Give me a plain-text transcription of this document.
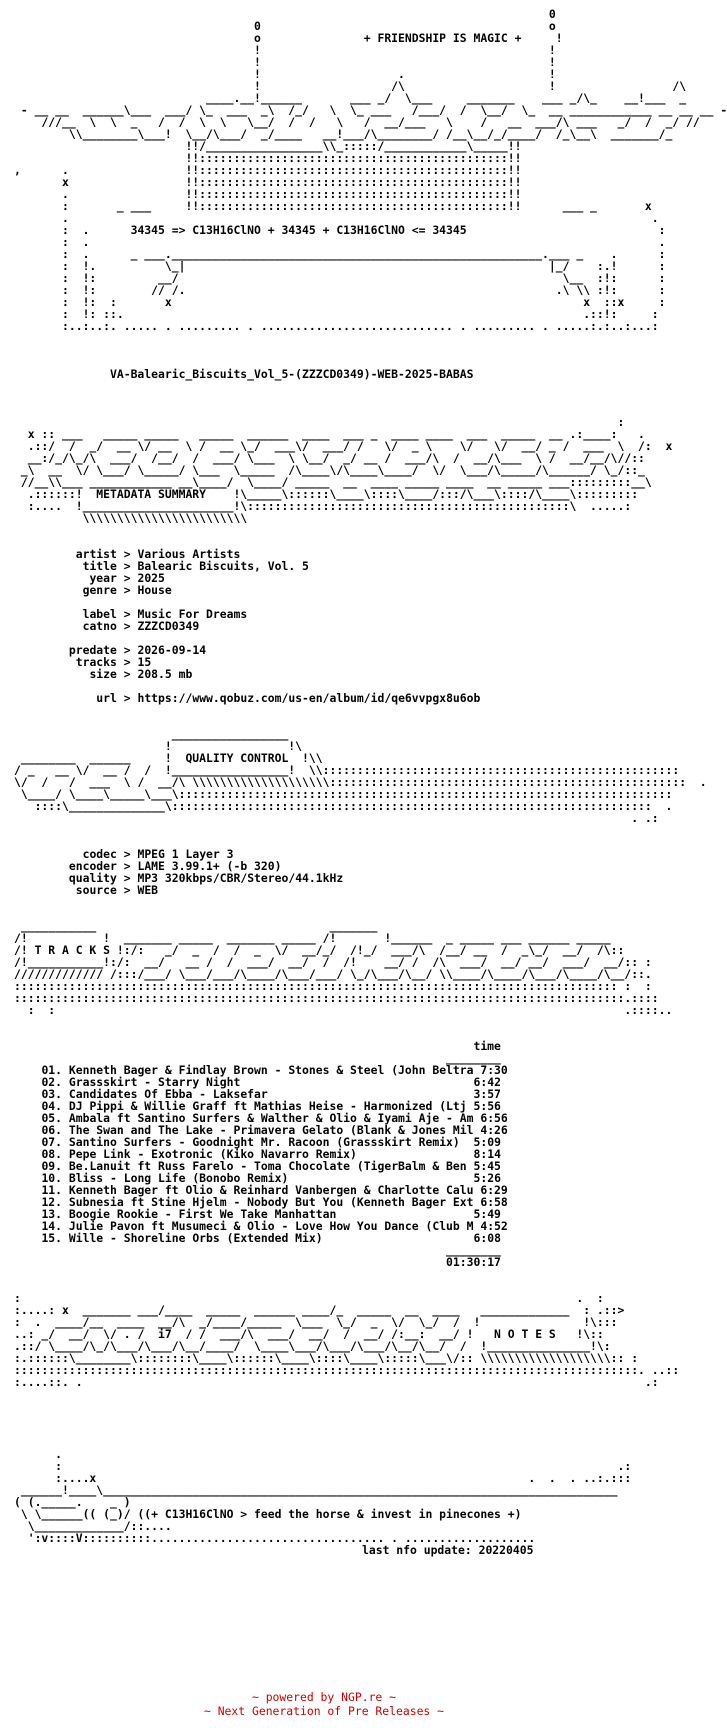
0
0                                          o
o               + FRIENDSHIP IS MAGIC +     !
!                                          !
!                                          !
!                    .                     !
!                   /\                     !                 /\
____.__!______       ___ _/  \___     _______    ___ _/\_    __!___  _
- __ __  ______\___  ___/ \_  ___  _\  /_/   \  \_ ___   /___/  /  \__/  \_  __ ____________ __ __ __ -
///__  \  \  _   /  /  \  \   \__/  /  /   \   /  __/___   \    /   __  ___/\ ___   _/  /  _/ //
\\________\___!  \__/\___/  _/____   __!___/\________/ /__\__/_/____/  /_\__\  _______/_
!!/_________________\\_:::::/____________\_____!!
!!:::::::::::::::::::::::::::::::::::::::::::::!!
,      .                 !!:::::::::::::::::::::::::::::::::::::::::::::!!
x                 !!:::::::::::::::::::::::::::::::::::::::::::::!!
.                 !!:::::::::::::::::::::::::::::::::::::::::::::!!
:       _ ___     !!:::::::::::::::::::::::::::::::::::::::::::::!!      ___ _       x
.                                                                                     .
:  .      34345 => C13H16ClNO + 34345 + C13H16ClNO <= 34345                            :
:  .                                                                                   .
:  .      _ ___.______________________________________________________.___ _    .      :
:  !.          \_|                                                     |_/    :.!      :
:  !:         __/                                                        \__  :!:      :
:  !:        // /.                                                      .\ \\ :!:      :
:  !:  :       x                                                            x  ::x     :
:  !: ::.                                                                   .::!:     :
:..:..:. ..... . ......... . ............................ . ......... . .....:.:..:...:

VA-Balearic_Biscuits_Vol_5-(ZZZCD0349)-WEB-2025-BABAS

:
x :: ___   _____ _____   _____  ______  ____  ___ _  ____ ____  ___  _____  __ .:____:   .
.::/  /  _/  __ \/ __  \ /  __ \_/  ___\/  ___/ /   \/  _ \    \/   \/  __/ _ /  ___  \  /:  x
__:/_/\_/\  ___/  /__/  /  ___/ \___  \ \__/  _/ __ /  ___/\  /  __/\___  \ /  __/__/\//::
_\  __  \/ \___/ \_____/ \___  \_____  /\____\/\____\____/  \/  \___/\_____/\______/ \_/::_
//__\\___ ____________ __\____/  \____/ _____  __  ____ _____ ____  __ _____ ___:::::::::__\
.::::::!  METADATA SUMMARY    !\_____\::::::\____\::::\____/:::/\___\::::/\____\:::::::::
:....  !______________________!\:::::::::::::::::::::::::::::::::::::::::::::::\  .....:
\\\\\\\\\\\\\\\\\\\\\\\\

artist > Various Artists
title > Balearic Biscuits, Vol. 5
year > 2025
genre > House

label > Music For Dreams
catno > ZZZCD0349

predate > 2026-09-14
tracks > 15
size > 208.5 mb

url > https://www.qobuz.com/us-en/album/id/qe6vvpgx8u6ob

_________________
!                 !\
________  ______     !  QUALITY CONTROL  !\\
/ _   __ \/  __ /  /  !_________________!  \\::::::::::::::::::::::::::::::::::::::::::::::::::::
\/  /   /  ___  \ /  __/\ \\\\\\\\\\\\\\\\\\\\::::::::::::::::::::::::::::::::::::::::::::::::::::  .
\____/ \____\_____\___\::::::::::::::::::::::::::::::::::::::::::::::::::::::::::::::::::::::::
::::\______________\::::::::::::::::::::::::::::::::::::::::::::::::::::::::::::::::::::::  .
. .:

codec > MPEG 1 Layer 3
encoder > LAME 3.99.1+ (-b 320)
quality > MP3 320kbps/CBR/Stereo/44.1kHz
source > WEB

___________                                  _______
/!           !  _______ _____  _______ _____ /!       !______  _ _____ ___ ______ _____
/! T R A C K S !:/:   _/  _  /  /  _  \/  __/_/  /!_/  ___/\  /__/ __  /  _\_/  __/  /\::
/!___________!:/:  __/   __ /  /  ___/  __/  /  /!    __/ /  /\  ___/  __/ __/  ___/  __/:: :
///////////// /:::/___/ \___/___/\____/\___/___/ \_/\___/\__/ \\____/\____/\___/\____/\__/::.
:::::::::::::::::::::::::::::::::::::::::::::::::::::::::::::::::::::::::::::::::::::::: :  :
:::::::::::::::::::::::::::::::::::::::::::::::::::::::::::::::::::::::::::::::::::::::::.::::
:  :                                                                                   .::::..

time
________
01. Kenneth Bager & Findlay Brown - Stones & Steel (John Beltra 7:30
02. Grassskirt - Starry Night	6:42
03. Candidates Of Ebba - Laksefar	3:57
04. DJ Pippi & Willie Graff ft Mathias Heise - Harmonized (Ltj 5:56
05. Ambala ft Santino Surfers & Walther & Olio & Iyami Aje - Am 6:56
06. The Swan and The Lake - Primavera Gelato (Blank & Jones Mil 4:26
07. Santino Surfers - Goodnight Mr. Racoon (Grassskirt Remix) 5:09
08. Pepe Link - Exotronic (Kiko Navarro Remix)	8:14
09. Be.Lanuit ft Russ Farelo - Toma Chocolate (TigerBalm & Ben 5:45
10. Bliss - Long Life (Bonobo Remix)	5:26
11. Kenneth Bager ft Olio & Reinhard Vanbergen & Charlotte Calu 6:29
12. Subnesia ft Stine Hjelm - Nobody But You (Kenneth Bager Ext 6:58
13. Boogie Rookie - First We Take Manhattan	5:49
14. Julie Pavon ft Musumeci & Olio - Love How You Dance (Club M 4:52
15. Wille - Shoreline Orbs (Extended Mix)	6:08
________
01:30:17

:                                                                                 .  :
:....: x  _______ ___/____  _____  ______ ____/_  _____  __  ____   _____________  : .::>
:  .  ____/__  ____  __/\  _/____/_____  \___  \_/  _  \/  \_/  /  !               !\:::
..: _/  __/  \/ . /  i7  / /  ___/\  ___/  __/  /  __/ /:__:  __/ !   N O T E S   !\::
.::/ \____/\_/\___/\___/\__/____/  \____\___/\___/\___/\__/\__/  /  !_______________!\:
:.::::::\________\::::::::\____\::::::\____\::::\____\:::::\___\/:: \\\\\\\\\\\\\\\\\\\:: :
:::::::::::::::::::::::::::::::::::::::::::::::::::::::::::::::::::::::::::::::::::::::::::. ..::
:....::. .                                                                                  .:

.
:                                                                                 .:
:....x                                                               .  .  . ..:.:::
______!____\___________________________________________________________________________
( (._____.    _ )
\ \______(( (_)/ ((+ C13H16ClNO > feed the horse & invest in pinecones +)
\_____________/::....
':v::::V::::::::::.................................. . ...................

last nfo update: 20220405
~ powered by NGP.re ~
~ Next Generation of Pre Releases ~
